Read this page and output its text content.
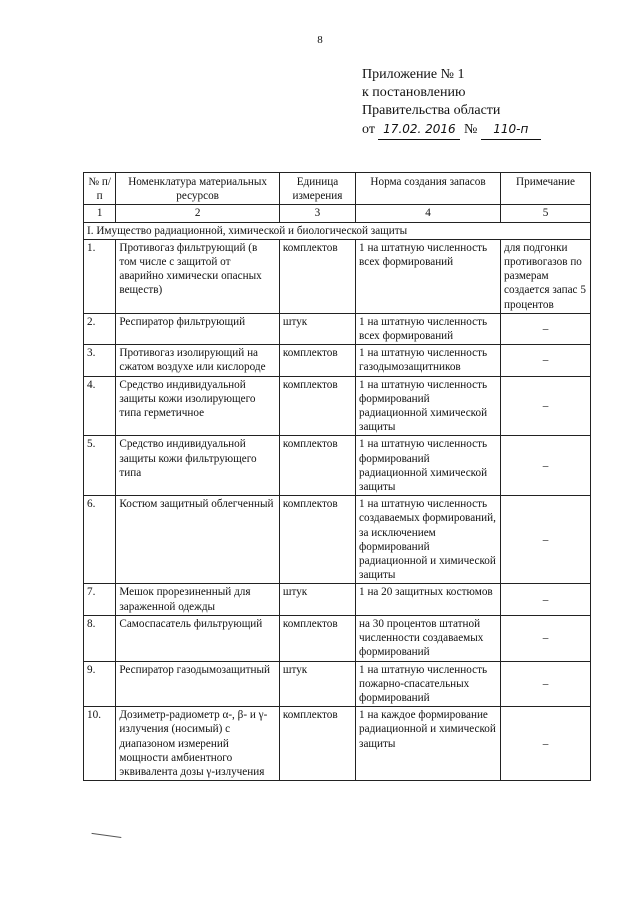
8
Приложение № 1
к постановлению
Правительства области
от 17.02. 2016 № 110-п
№ п/п	Номенклатура материальных ресурсов	Единица измерения	Норма создания запасов	Примечание
1	2	3	4	5
I. Имущество радиационной, химической и биологической защиты				
1.	Противогаз фильтрующий (в том числе с защитой от аварийно химически опасных веществ)	комплектов	1 на штатную численность всех формирований	для подгонки противогазов по размерам создается запас 5 процентов
2.	Респиратор фильтрующий	штук	1 на штатную численность всех формирований	–
3.	Противогаз изолирующий на сжатом воздухе или кислороде	комплектов	1 на штатную численность газодымозащитников	–
4.	Средство индивидуальной защиты кожи изолирующего типа герметичное	комплектов	1 на штатную численность формирований радиационной химической защиты	–
5.	Средство индивидуальной защиты кожи фильтрующего типа	комплектов	1 на штатную численность формирований радиационной химической защиты	–
6.	Костюм защитный облегченный	комплектов	1 на штатную численность создаваемых формирований, за исключением формирований радиационной и химической защиты	–
7.	Мешок прорезиненный для зараженной одежды	штук	1 на 20 защитных костюмов	–
8.	Самоспасатель фильтрующий	комплектов	на 30 процентов штатной численности создаваемых формирований	–
9.	Респиратор газодымозащитный	штук	1 на штатную численность пожарно-спасательных формирований	–
10.	Дозиметр-радиометр α-, β- и γ-излучения (носимый) с диапазоном измерений мощности амбиентного эквивалента дозы γ-излучения	комплектов	1 на каждое формирование радиационной и химической защиты	–
